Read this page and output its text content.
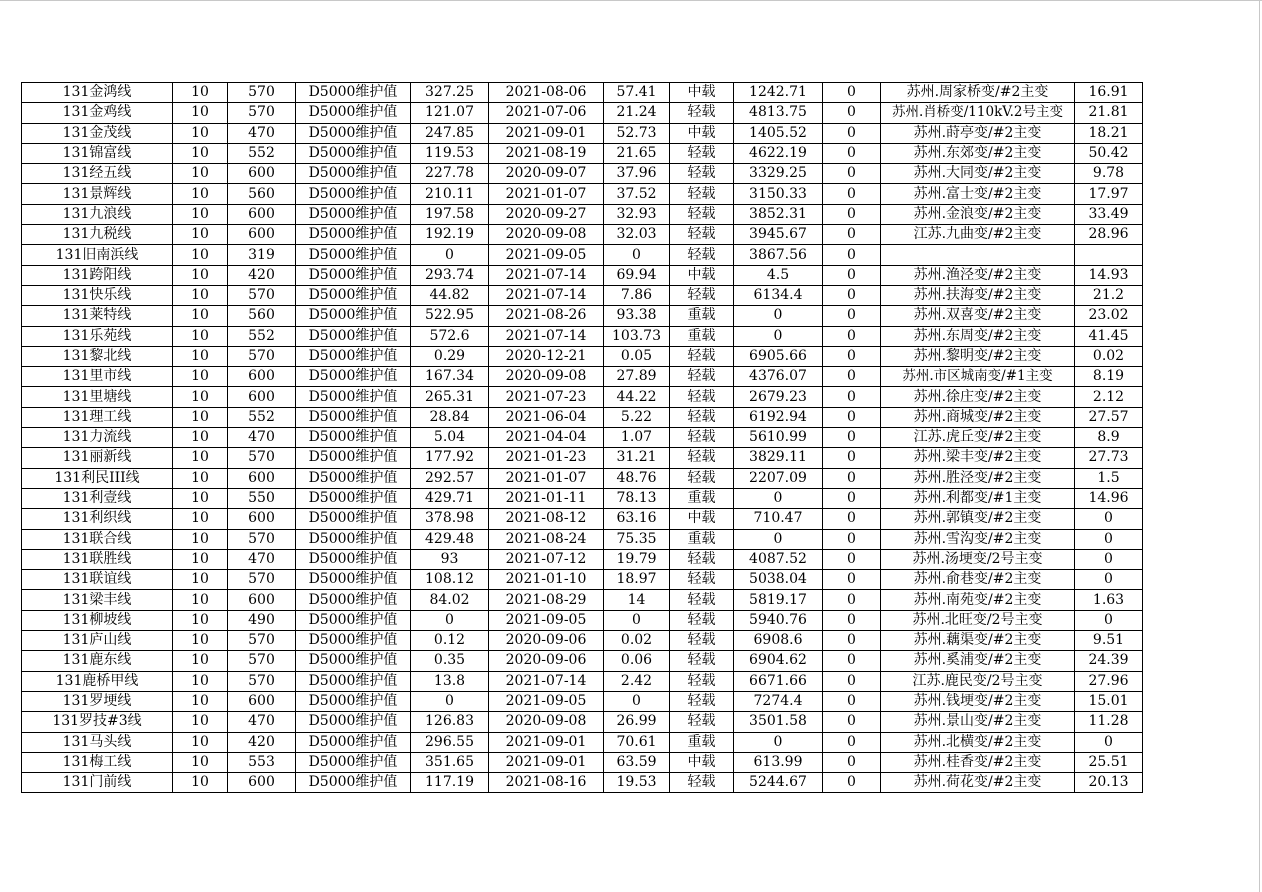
131金鸿线	10	570	D5000维护值	327.25	2021-08-06	57.41	中载	1242.71	0	苏州.周家桥变/#2主变	16.91
131金鸡线	10	570	D5000维护值	121.07	2021-07-06	21.24	轻载	4813.75	0	苏州.肖桥变/110kV.2号主变	21.81
131金茂线	10	470	D5000维护值	247.85	2021-09-01	52.73	中载	1405.52	0	苏州.莳亭变/#2主变	18.21
131锦富线	10	552	D5000维护值	119.53	2021-08-19	21.65	轻载	4622.19	0	苏州.东郊变/#2主变	50.42
131经五线	10	600	D5000维护值	227.78	2020-09-07	37.96	轻载	3329.25	0	苏州.大同变/#2主变	9.78
131景辉线	10	560	D5000维护值	210.11	2021-01-07	37.52	轻载	3150.33	0	苏州.富士变/#2主变	17.97
131九浪线	10	600	D5000维护值	197.58	2020-09-27	32.93	轻载	3852.31	0	苏州.金浪变/#2主变	33.49
131九税线	10	600	D5000维护值	192.19	2020-09-08	32.03	轻载	3945.67	0	江苏.九曲变/#2主变	28.96
131旧南浜线	10	319	D5000维护值	0	2021-09-05	0	轻载	3867.56	0		
131跨阳线	10	420	D5000维护值	293.74	2021-07-14	69.94	中载	4.5	0	苏州.渔泾变/#2主变	14.93
131快乐线	10	570	D5000维护值	44.82	2021-07-14	7.86	轻载	6134.4	0	苏州.扶海变/#2主变	21.2
131莱特线	10	560	D5000维护值	522.95	2021-08-26	93.38	重载	0	0	苏州.双喜变/#2主变	23.02
131乐苑线	10	552	D5000维护值	572.6	2021-07-14	103.73	重载	0	0	苏州.东周变/#2主变	41.45
131黎北线	10	570	D5000维护值	0.29	2020-12-21	0.05	轻载	6905.66	0	苏州.黎明变/#2主变	0.02
131里市线	10	600	D5000维护值	167.34	2020-09-08	27.89	轻载	4376.07	0	苏州.市区城南变/#1主变	8.19
131里塘线	10	600	D5000维护值	265.31	2021-07-23	44.22	轻载	2679.23	0	苏州.徐庄变/#2主变	2.12
131理工线	10	552	D5000维护值	28.84	2021-06-04	5.22	轻载	6192.94	0	苏州.商城变/#2主变	27.57
131力流线	10	470	D5000维护值	5.04	2021-04-04	1.07	轻载	5610.99	0	江苏.虎丘变/#2主变	8.9
131丽新线	10	570	D5000维护值	177.92	2021-01-23	31.21	轻载	3829.11	0	苏州.梁丰变/#2主变	27.73
131利民III线	10	600	D5000维护值	292.57	2021-01-07	48.76	轻载	2207.09	0	苏州.胜泾变/#2主变	1.5
131利壹线	10	550	D5000维护值	429.71	2021-01-11	78.13	重载	0	0	苏州.利都变/#1主变	14.96
131利织线	10	600	D5000维护值	378.98	2021-08-12	63.16	中载	710.47	0	苏州.郭镇变/#2主变	0
131联合线	10	570	D5000维护值	429.48	2021-08-24	75.35	重载	0	0	苏州.雪沟变/#2主变	0
131联胜线	10	470	D5000维护值	93	2021-07-12	19.79	轻载	4087.52	0	苏州.汤埂变/2号主变	0
131联谊线	10	570	D5000维护值	108.12	2021-01-10	18.97	轻载	5038.04	0	苏州.俞巷变/#2主变	0
131梁丰线	10	600	D5000维护值	84.02	2021-08-29	14	轻载	5819.17	0	苏州.南苑变/#2主变	1.63
131柳坡线	10	490	D5000维护值	0	2021-09-05	0	轻载	5940.76	0	苏州.北旺变/2号主变	0
131庐山线	10	570	D5000维护值	0.12	2020-09-06	0.02	轻载	6908.6	0	苏州.藕渠变/#2主变	9.51
131鹿东线	10	570	D5000维护值	0.35	2020-09-06	0.06	轻载	6904.62	0	苏州.奚浦变/#2主变	24.39
131鹿桥甲线	10	570	D5000维护值	13.8	2021-07-14	2.42	轻载	6671.66	0	江苏.鹿民变/2号主变	27.96
131罗埂线	10	600	D5000维护值	0	2021-09-05	0	轻载	7274.4	0	苏州.钱埂变/#2主变	15.01
131罗技#3线	10	470	D5000维护值	126.83	2020-09-08	26.99	轻载	3501.58	0	苏州.景山变/#2主变	11.28
131马头线	10	420	D5000维护值	296.55	2021-09-01	70.61	重载	0	0	苏州.北横变/#2主变	0
131梅工线	10	553	D5000维护值	351.65	2021-09-01	63.59	中载	613.99	0	苏州.桂香变/#2主变	25.51
131门前线	10	600	D5000维护值	117.19	2021-08-16	19.53	轻载	5244.67	0	苏州.荷花变/#2主变	20.13
